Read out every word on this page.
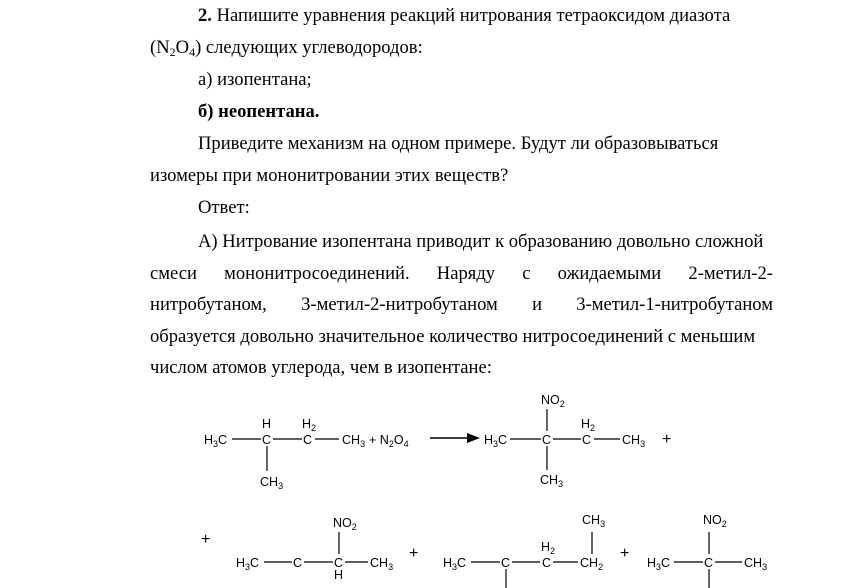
2. Напишите уравнения реакций нитрования тетраоксидом диазота
$(N_2O_4)$ следующих углеводородов:
а) изопентана;
б) неопентана.
Приведите механизм на одном примере. Будут ли образовываться
изомеры при мононитровании этих веществ?
Ответ:
А) Нитрование изопентана приводит к образованию довольно сложной
смеси мононитросоединений. Наряду с ожидаемыми 2-метил-2-
нитробутаном, 3-метил-2-нитробутаном и 3-метил-1-нитробутаном
образуется довольно значительное количество нитросоединений с меньшим
числом атомов углерода, чем в изопентане:
$H_3C$
H
C
$H_2$
C $CH_3 + N_2O_4$
$CH_3$
$NO_2$
$H_3C$	C
$H_2$
C $CH_3$
$CH_3$
+
+
$NO_2$
$H_3C$	C	C
H
$CH_3$
+
$CH_3$
$H_3C$	C
$H_2$
C $CH_2$
+
$NO_2$
$H_3C$	C $CH_3$
